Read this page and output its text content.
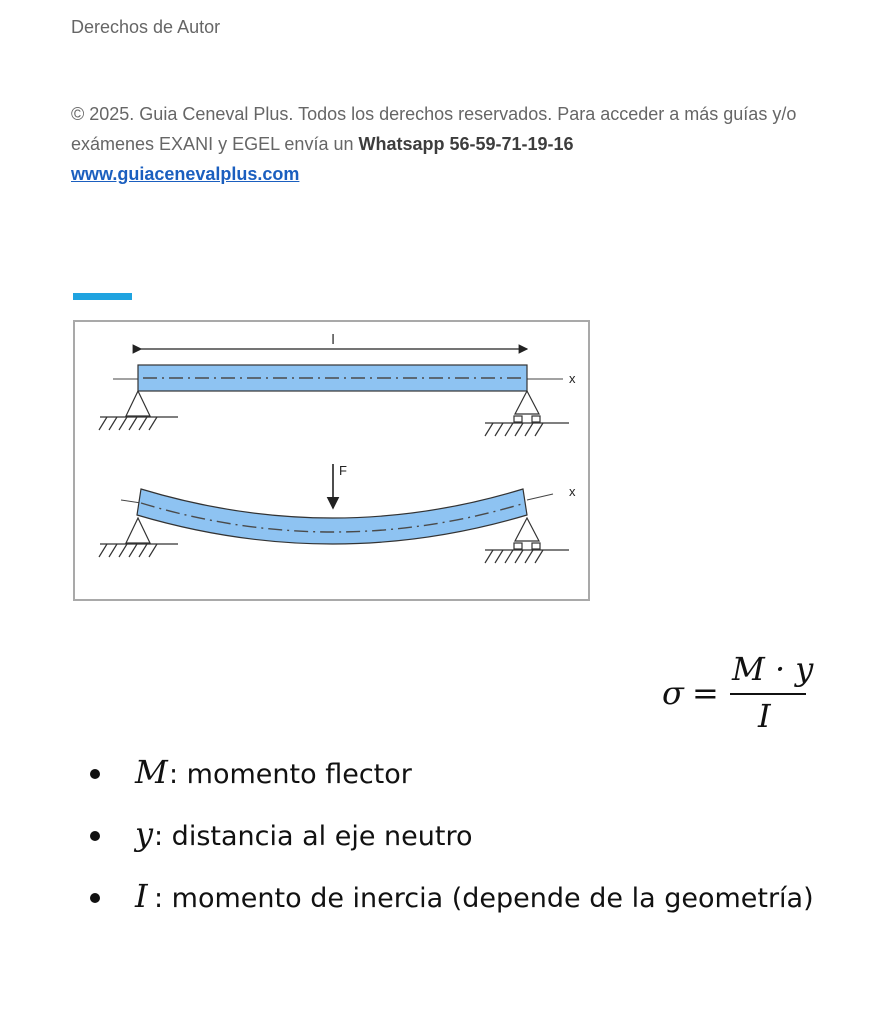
Derechos de Autor
© 2025. Guia Ceneval Plus. Todos los derechos reservados. Para acceder a más guías y/o exámenes EXANI y EGEL envía un Whatsapp 56-59-71-19-16
www.guiacenevalplus.com
l
x
F
x
σ =
M · y
I
M : momento flector
y : distancia al eje neutro
I : momento de inercia (depende de la geometría)
